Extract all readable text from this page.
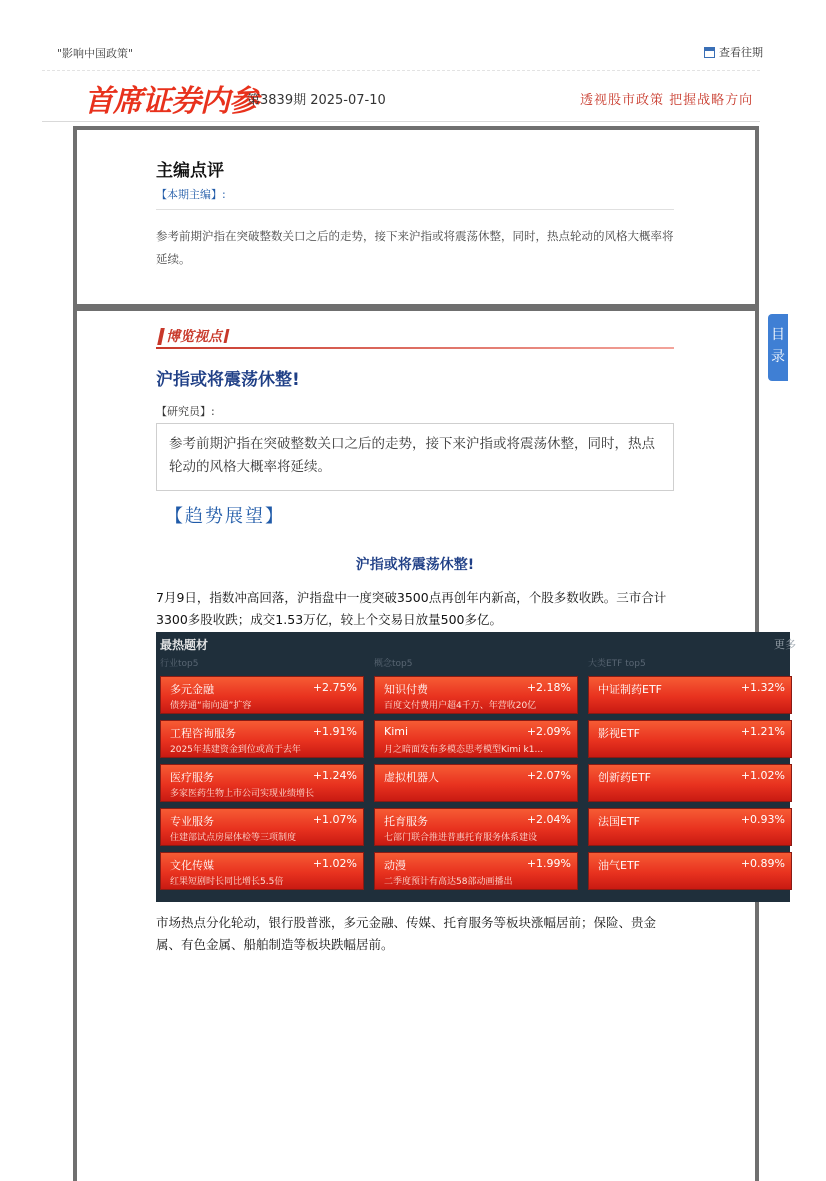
"影响中国政策"	查看往期
首席证券内参
第3839期 2025-07-10	透视股市政策 把握战略方向
主编点评
【本期主编】:
参考前期沪指在突破整数关口之后的走势，接下来沪指或将震荡休整，同时，热点轮动的风格大概率将延续。
博览视点
沪指或将震荡休整!
【研究员】:
参考前期沪指在突破整数关口之后的走势，接下来沪指或将震荡休整，同时，热点轮动的风格大概率将延续。
【趋势展望】
沪指或将震荡休整!
7月9日，指数冲高回落，沪指盘中一度突破3500点再创年内新高，个股多数收跌。三市合计3300多股收跌；成交1.53万亿，较上个交易日放量500多亿。
最热题材	更多
行业top5
多元金融	+2.75%
债券通“南向通”扩容
工程咨询服务	+1.91%
2025年基建资金到位或高于去年
医疗服务	+1.24%
多家医药生物上市公司实现业绩增长
专业服务	+1.07%
住建部试点房屋体检等三项制度
文化传媒	+1.02%
红果短剧时长同比增长5.5倍
概念top5
知识付费	+2.18%
百度文付费用户超4千万、年营收20亿
Kimi	+2.09%
月之暗面发布多模态思考模型Kimi k1...
虚拟机器人	+2.07%
托育服务	+2.04%
七部门联合推进普惠托育服务体系建设
动漫	+1.99%
二季度预计有高达58部动画播出
大类ETF top5
中证制药ETF	+1.32%
影视ETF	+1.21%
创新药ETF	+1.02%
法国ETF	+0.93%
油气ETF	+0.89%
市场热点分化轮动，银行股普涨，多元金融、传媒、托育服务等板块涨幅居前；保险、贵金属、有色金属、船舶制造等板块跌幅居前。
目录
